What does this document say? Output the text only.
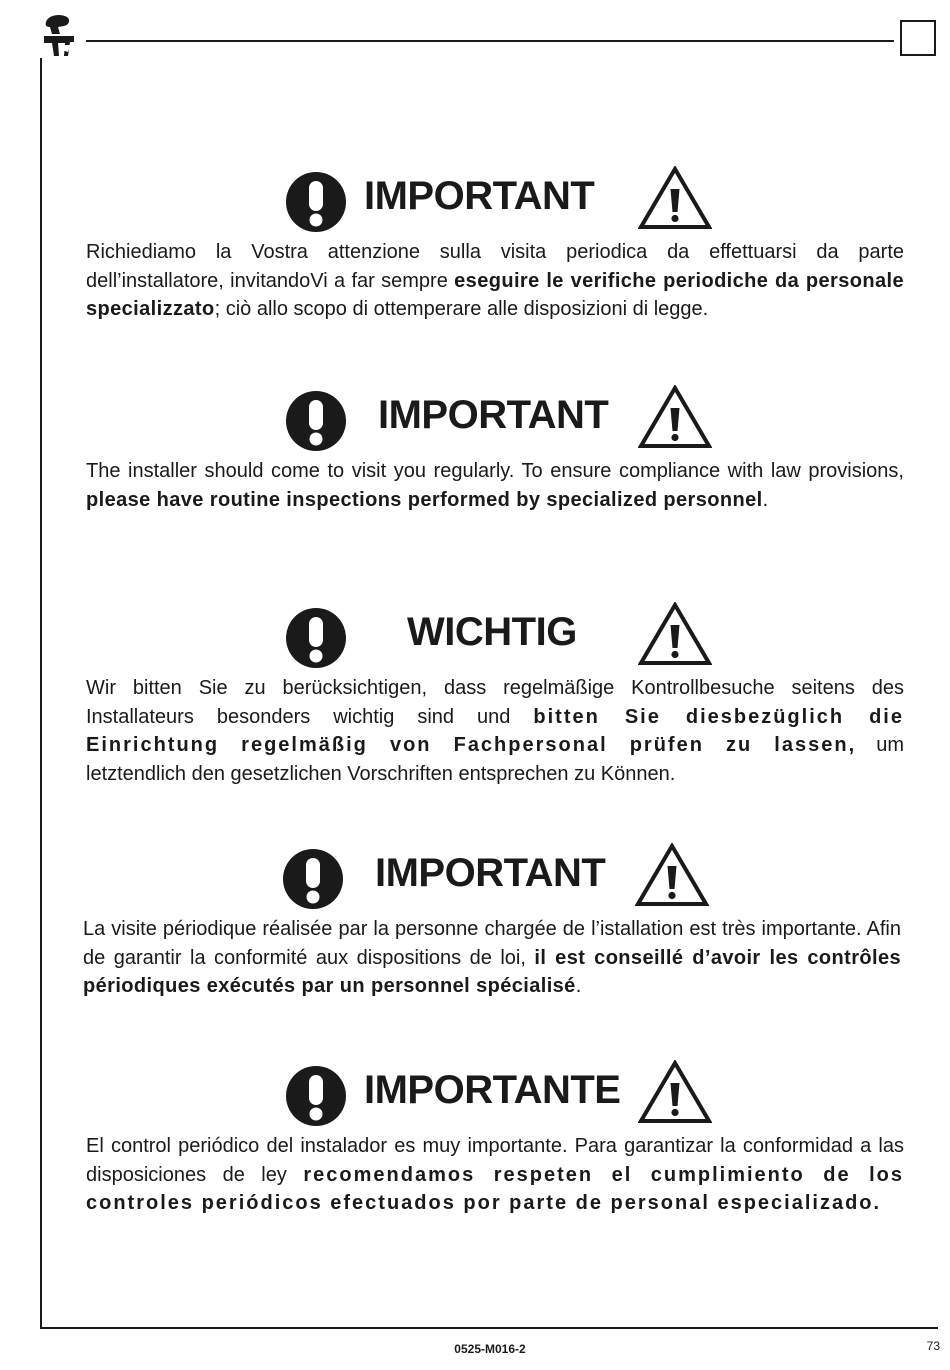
IMPORTANT

Richiediamo la Vostra attenzione sulla visita periodica da effettuarsi da parte dell’installatore, invitandoVi a far sempre eseguire le verifiche periodiche da personale specializzato; ciò allo scopo di ottemperare alle disposizioni di legge.

IMPORTANT

The installer should come to visit you regularly. To ensure compliance with law provisions, please have routine inspections performed by specialized personnel.

WICHTIG

Wir bitten Sie zu berücksichtigen, dass regelmäßige Kontrollbesuche seitens des Installateurs besonders wichtig sind und bitten Sie diesbezüglich die Einrichtung regelmäßig von Fachpersonal prüfen zu lassen, um letztendlich den gesetzlichen Vorschriften entsprechen zu Können.

IMPORTANT

La visite périodique réalisée par la personne chargée de l’istallation est très importante. Afin de garantir la conformité aux dispositions de loi, il est conseillé d’avoir les contrôles périodiques exécutés par un personnel spécialisé.

IMPORTANTE

El control periódico del instalador es muy importante. Para garantizar la conformidad a las disposiciones de ley recomendamos respeten el cumplimiento de los controles periódicos efectuados por parte de personal especializado.

0525-M016-2	73
